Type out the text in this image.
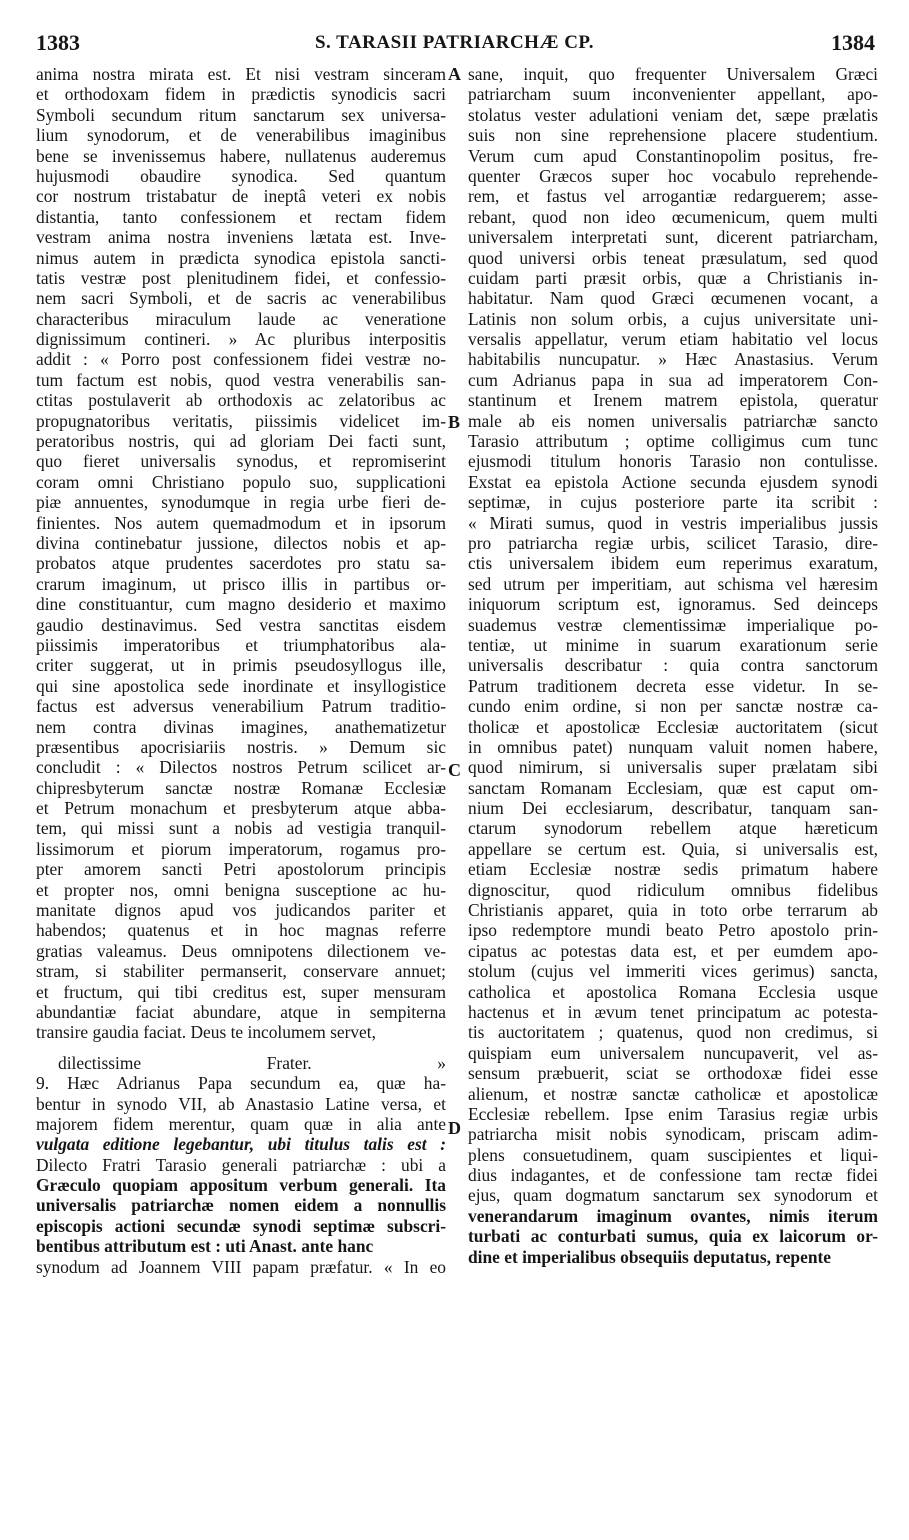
1383	S. TARASII PATRIARCHÆ CP.	1384
anima nostra mirata est. Et nisi vestram sinceram
et orthodoxam fidem in prædictis synodicis sacri
Symboli secundum ritum sanctarum sex universa-
lium synodorum, et de venerabilibus imaginibus
bene se invenissemus habere, nullatenus auderemus
hujusmodi obaudire synodica. Sed quantum
cor nostrum tristabatur de ineptâ veteri ex nobis
distantia, tanto confessionem et rectam fidem
vestram anima nostra inveniens lætata est. Inve-
nimus autem in prædicta synodica epistola sancti-
tatis vestræ post plenitudinem fidei, et confessio-
nem sacri Symboli, et de sacris ac venerabilibus
characteribus miraculum laude ac veneratione
dignissimum contineri. » Ac pluribus interpositis
addit : « Porro post confessionem fidei vestræ no-
tum factum est nobis, quod vestra venerabilis san-
ctitas postulaverit ab orthodoxis ac zelatoribus ac
propugnatoribus veritatis, piissimis videlicet im-
peratoribus nostris, qui ad gloriam Dei facti sunt,
quo fieret universalis synodus, et repromiserint
coram omni Christiano populo suo, supplicationi
piæ annuentes, synodumque in regia urbe fieri de-
finientes. Nos autem quemadmodum et in ipsorum
divina continebatur jussione, dilectos nobis et ap-
probatos atque prudentes sacerdotes pro statu sa-
crarum imaginum, ut prisco illis in partibus or-
dine constituantur, cum magno desiderio et maximo
gaudio destinavimus. Sed vestra sanctitas eisdem
piissimis imperatoribus et triumphatoribus ala-
criter suggerat, ut in primis pseudosyllogus ille,
qui sine apostolica sede inordinate et insyllogistice
factus est adversus venerabilium Patrum traditio-
nem contra divinas imagines, anathematizetur
præsentibus apocrisiariis nostris. » Demum sic
concludit : « Dilectos nostros Petrum scilicet ar-
chipresbyterum sanctæ nostræ Romanæ Ecclesiæ
et Petrum monachum et presbyterum atque abba-
tem, qui missi sunt a nobis ad vestigia tranquil-
lissimorum et piorum imperatorum, rogamus pro-
pter amorem sancti Petri apostolorum principis
et propter nos, omni benigna susceptione ac hu-
manitate dignos apud vos judicandos pariter et
habendos; quatenus et in hoc magnas referre
gratias valeamus. Deus omnipotens dilectionem ve-
stram, si stabiliter permanserit, conservare annuet;
et fructum, qui tibi creditus est, super mensuram
abundantiæ faciat abundare, atque in sempiterna
transire gaudia faciat. Deus te incolumem servet,
dilectissime Frater. »
9. Hæc Adrianus Papa secundum ea, quæ ha-
bentur in synodo VII, ab Anastasio Latine versa, et
majorem fidem merentur, quam quæ in alia ante
vulgata editione legebantur, ubi titulus talis est :
Dilecto Fratri Tarasio generali patriarchæ : ubi a
Græculo quopiam appositum verbum generali. Ita
universalis patriarchæ nomen eidem a nonnullis
episcopis actioni secundæ synodi septimæ subscri-
bentibus attributum est : uti Anast. ante hanc
synodum ad Joannem VIII papam præfatur. « In eo
sane, inquit, quo frequenter Universalem Græci
patriarcham suum inconvenienter appellant, apo-
stolatus vester adulationi veniam det, sæpe prælatis
suis non sine reprehensione placere studentium.
Verum cum apud Constantinopolim positus, fre-
quenter Græcos super hoc vocabulo reprehende-
rem, et fastus vel arrogantiæ redarguerem; asse-
rebant, quod non ideo œcumenicum, quem multi
universalem interpretati sunt, dicerent patriarcham,
quod universi orbis teneat præsulatum, sed quod
cuidam parti præsit orbis, quæ a Christianis in-
habitatur. Nam quod Græci œcumenen vocant, a
Latinis non solum orbis, a cujus universitate uni-
versalis appellatur, verum etiam habitatio vel locus
habitabilis nuncupatur. » Hæc Anastasius. Verum
cum Adrianus papa in sua ad imperatorem Con-
stantinum et Irenem matrem epistola, queratur
male ab eis nomen universalis patriarchæ sancto
Tarasio attributum ; optime colligimus cum tunc
ejusmodi titulum honoris Tarasio non contulisse.
Exstat ea epistola Actione secunda ejusdem synodi
septimæ, in cujus posteriore parte ita scribit :
« Mirati sumus, quod in vestris imperialibus jussis
pro patriarcha regiæ urbis, scilicet Tarasio, dire-
ctis universalem ibidem eum reperimus exaratum,
sed utrum per imperitiam, aut schisma vel hæresim
iniquorum scriptum est, ignoramus. Sed deinceps
suademus vestræ clementissimæ imperialique po-
tentiæ, ut minime in suarum exarationum serie
universalis describatur : quia contra sanctorum
Patrum traditionem decreta esse videtur. In se-
cundo enim ordine, si non per sanctæ nostræ ca-
tholicæ et apostolicæ Ecclesiæ auctoritatem (sicut
in omnibus patet) nunquam valuit nomen habere,
quod nimirum, si universalis super prælatam sibi
sanctam Romanam Ecclesiam, quæ est caput om-
nium Dei ecclesiarum, describatur, tanquam san-
ctarum synodorum rebellem atque hæreticum
appellare se certum est. Quia, si universalis est,
etiam Ecclesiæ nostræ sedis primatum habere
dignoscitur, quod ridiculum omnibus fidelibus
Christianis apparet, quia in toto orbe terrarum ab
ipso redemptore mundi beato Petro apostolo prin-
cipatus ac potestas data est, et per eumdem apo-
stolum (cujus vel immeriti vices gerimus) sancta,
catholica et apostolica Romana Ecclesia usque
hactenus et in ævum tenet principatum ac potesta-
tis auctoritatem ; quatenus, quod non credimus, si
quispiam eum universalem nuncupaverit, vel as-
sensum præbuerit, sciat se orthodoxæ fidei esse
alienum, et nostræ sanctæ catholicæ et apostolicæ
Ecclesiæ rebellem. Ipse enim Tarasius regiæ urbis
patriarcha misit nobis synodicam, priscam adim-
plens consuetudinem, quam suscipientes et liqui-
dius indagantes, et de confessione tam rectæ fidei
ejus, quam dogmatum sanctarum sex synodorum et
venerandarum imaginum ovantes, nimis iterum
turbati ac conturbati sumus, quia ex laicorum or-
dine et imperialibus obsequiis deputatus, repente
A
B
C
D
